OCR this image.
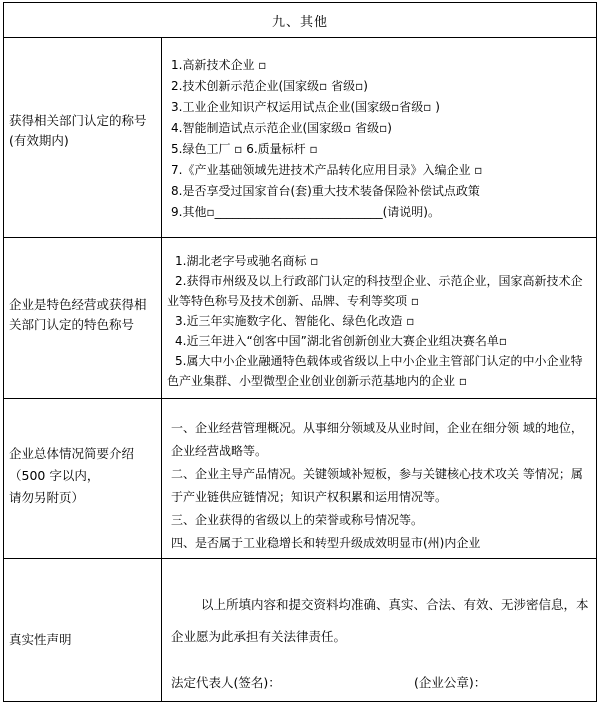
九、其他
获得相关部门认定的称号(有效期内)

1.高新技术企业 ▫

2.技术创新示范企业(国家级▫ 省级▫)

3.工业企业知识产权运用试点企业(国家级▫省级▫ )

4.智能制造试点示范企业(国家级▫ 省级▫)

5.绿色工厂 ▫ 6.质量标杆 ▫

7.《产业基础领域先进技术产品转化应用目录》入编企业 ▫

8.是否享受过国家首台(套)重大技术装备保险补偿试点政策

9.其他▫____________________________(请说明)。

企业是特色经营或获得相关部门认定的特色称号

1.湖北老字号或驰名商标 ▫

2.获得市州级及以上行政部门认定的科技型企业、示范企业，国家高新技术企业等特色称号及技术创新、品牌、专利等奖项 ▫

3.近三年实施数字化、智能化、绿色化改造 ▫

4.近三年进入“创客中国”湖北省创新创业大赛企业组决赛名单▫

5.属大中小企业融通特色载体或省级以上中小企业主管部门认定的中小企业特色产业集群、小型微型企业创业创新示范基地内的企业 ▫

企业总体情况简要介绍
（500 字以内，
请勿另附页）

一、企业经营管理概况。从事细分领域及从业时间，企业在细分领 域的地位，企业经营战略等。

二、企业主导产品情况。关键领域补短板，参与关键核心技术攻关 等情况；属于产业链供应链情况；知识产权积累和运用情况等。

三、企业获得的省级以上的荣誉或称号情况等。

四、是否属于工业稳增长和转型升级成效明显市(州)内企业

真实性声明

以上所填内容和提交资料均准确、真实、合法、有效、无涉密信息，本企业愿为此承担有关法律责任。

法定代表人(签名)：	(企业公章)：
